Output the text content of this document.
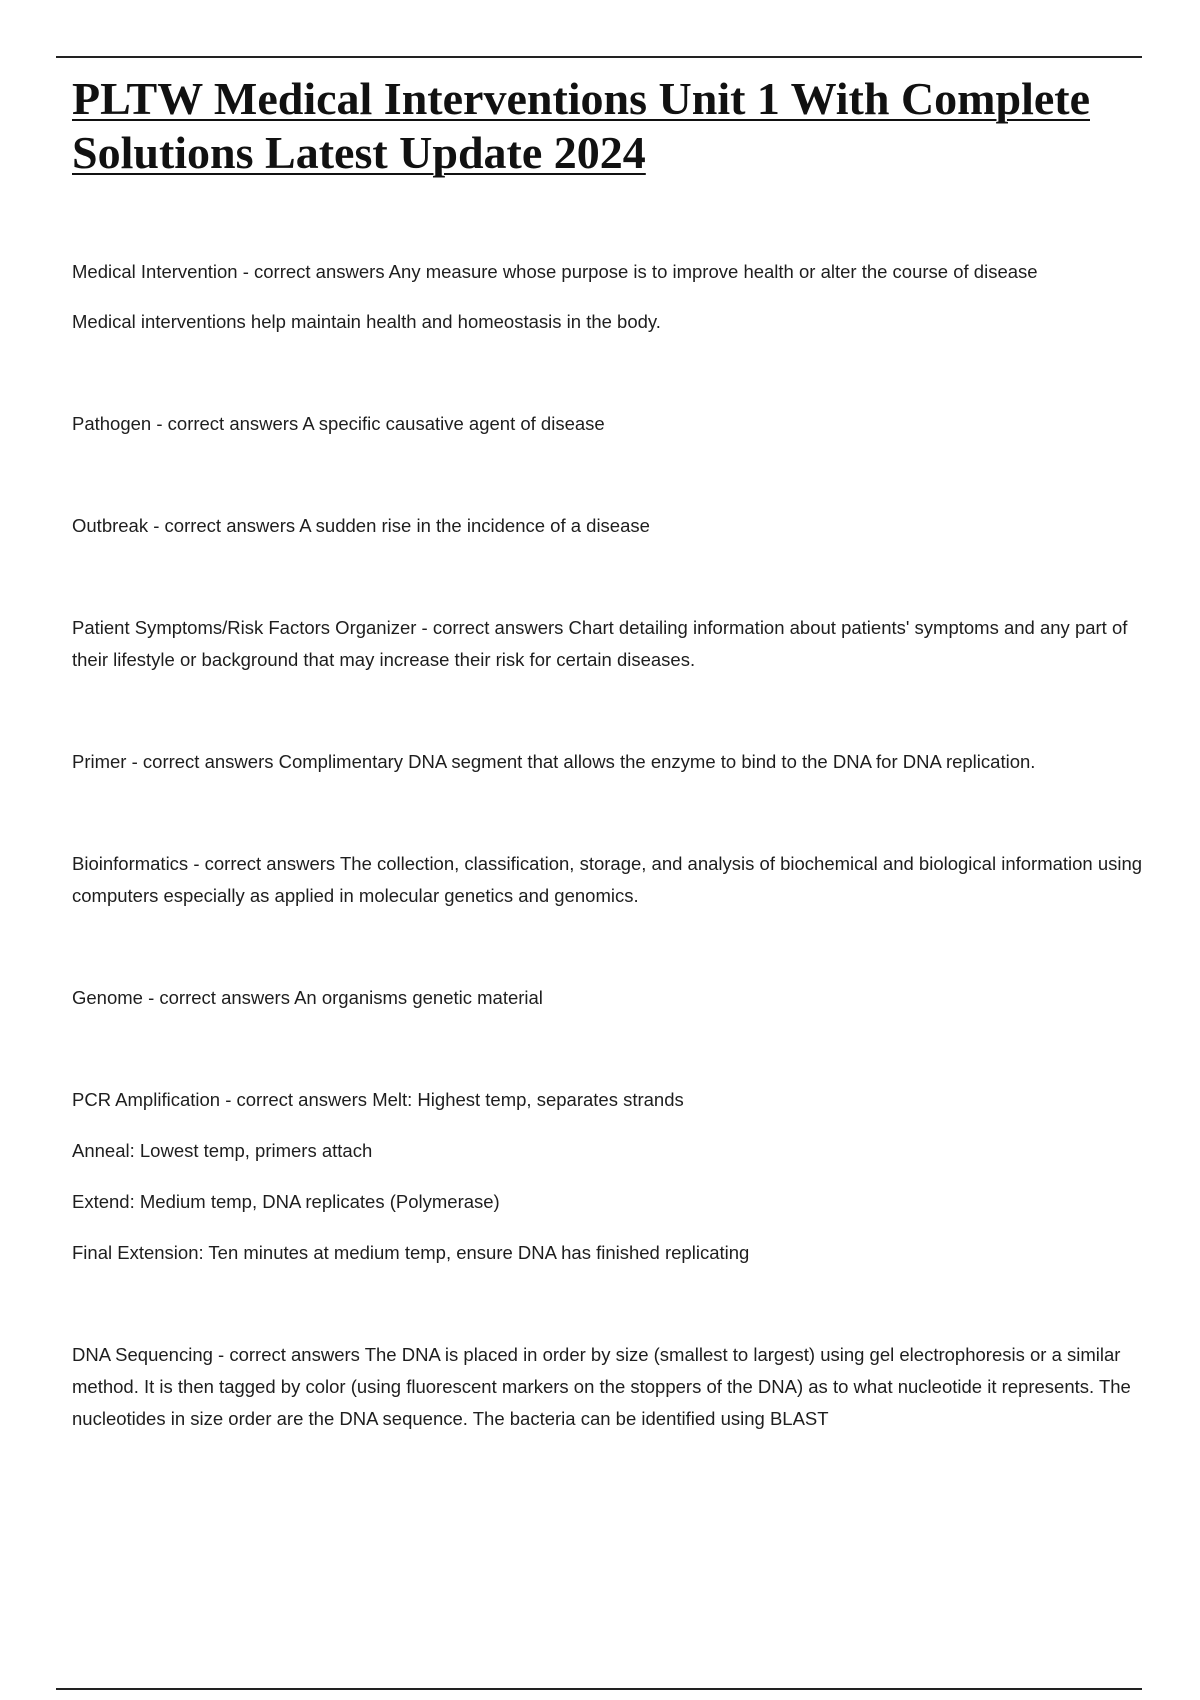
PLTW Medical Interventions Unit 1 With Complete Solutions Latest Update 2024

Medical Intervention - correct answers Any measure whose purpose is to improve health or alter the course of disease

Medical interventions help maintain health and homeostasis in the body.

Pathogen - correct answers A specific causative agent of disease

Outbreak - correct answers A sudden rise in the incidence of a disease

Patient Symptoms/Risk Factors Organizer - correct answers Chart detailing information about patients' symptoms and any part of their lifestyle or background that may increase their risk for certain diseases.

Primer - correct answers Complimentary DNA segment that allows the enzyme to bind to the DNA for DNA replication.

Bioinformatics - correct answers The collection, classification, storage, and analysis of biochemical and biological information using computers especially as applied in molecular genetics and genomics.

Genome - correct answers An organisms genetic material

PCR Amplification - correct answers Melt: Highest temp, separates strands

Anneal: Lowest temp, primers attach

Extend: Medium temp, DNA replicates (Polymerase)

Final Extension: Ten minutes at medium temp, ensure DNA has finished replicating

DNA Sequencing - correct answers The DNA is placed in order by size (smallest to largest) using gel electrophoresis or a similar method. It is then tagged by color (using fluorescent markers on the stoppers of the DNA) as to what nucleotide it represents. The nucleotides in size order are the DNA sequence. The bacteria can be identified using BLAST
